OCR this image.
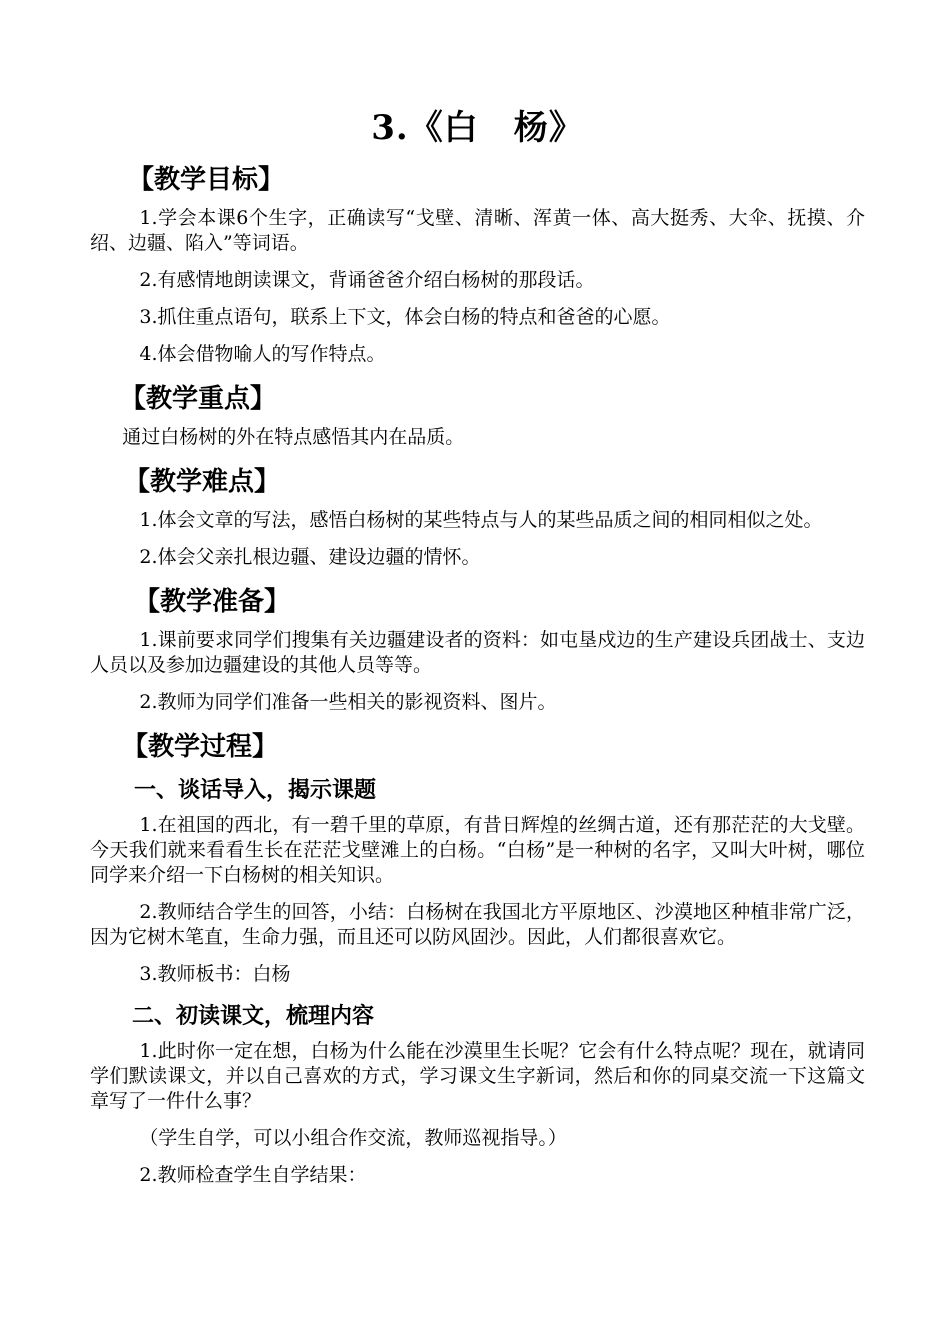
3.《白　杨》
【教学目标】

1.学会本课6个生字，正确读写“戈壁、清晰、浑黄一体、高大挺秀、大伞、抚摸、介绍、边疆、陷入”等词语。

2.有感情地朗读课文，背诵爸爸介绍白杨树的那段话。

3.抓住重点语句，联系上下文，体会白杨的特点和爸爸的心愿。

4.体会借物喻人的写作特点。

【教学重点】

通过白杨树的外在特点感悟其内在品质。

【教学难点】

1.体会文章的写法，感悟白杨树的某些特点与人的某些品质之间的相同相似之处。

2.体会父亲扎根边疆、建设边疆的情怀。

【教学准备】

1.课前要求同学们搜集有关边疆建设者的资料：如屯垦戍边的生产建设兵团战士、支边人员以及参加边疆建设的其他人员等等。

2.教师为同学们准备一些相关的影视资料、图片。

【教学过程】
一、谈话导入，揭示课题

1.在祖国的西北，有一碧千里的草原，有昔日辉煌的丝绸古道，还有那茫茫的大戈壁。今天我们就来看看生长在茫茫戈壁滩上的白杨。“白杨”是一种树的名字，又叫大叶树，哪位同学来介绍一下白杨树的相关知识。

2.教师结合学生的回答，小结：白杨树在我国北方平原地区、沙漠地区种植非常广泛，因为它树木笔直，生命力强，而且还可以防风固沙。因此，人们都很喜欢它。

3.教师板书：白杨

二、初读课文，梳理内容

1.此时你一定在想，白杨为什么能在沙漠里生长呢？它会有什么特点呢？现在，就请同学们默读课文，并以自己喜欢的方式，学习课文生字新词，然后和你的同桌交流一下这篇文章写了一件什么事？

（学生自学，可以小组合作交流，教师巡视指导。）

2.教师检查学生自学结果：
